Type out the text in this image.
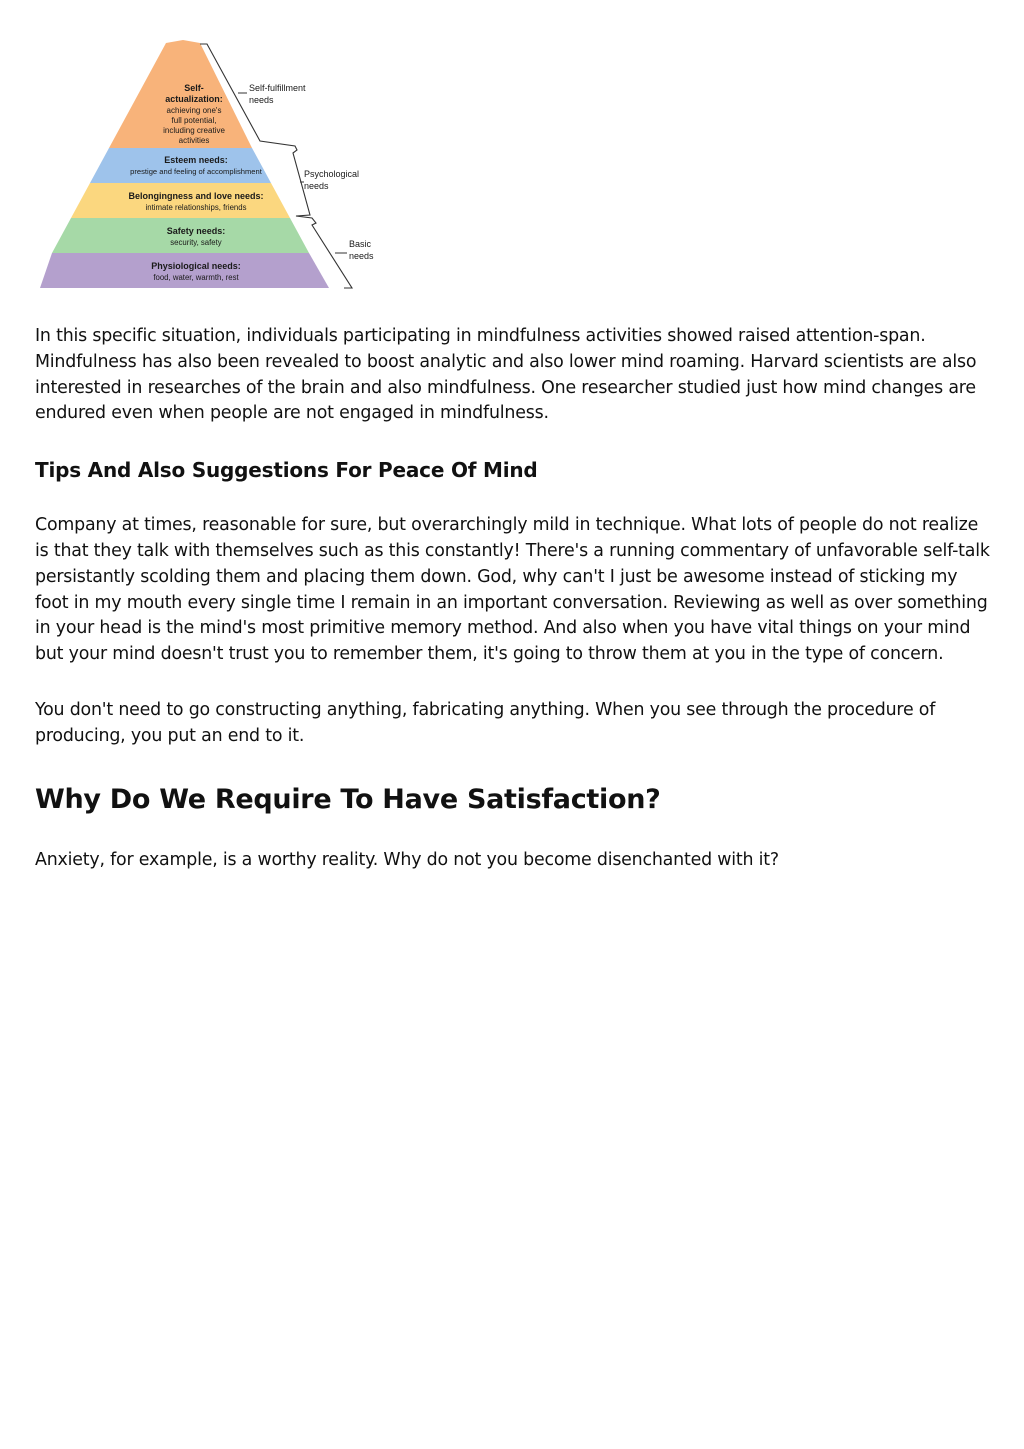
Self-
actualization:
achieving one's
full potential,
including creative
activities
Esteem needs:
prestige and feeling of accomplishment
Belongingness and love needs:
intimate relationships, friends
Safety needs:
security, safety
Physiological needs:
food, water, warmth, rest
Self-fulfillment
needs
Psychological
needs
Basic
needs

In this specific situation, individuals participating in mindfulness activities showed raised attention-span. Mindfulness has also been revealed to boost analytic and also lower mind roaming. Harvard scientists are also interested in researches of the brain and also mindfulness. One researcher studied just how mind changes are endured even when people are not engaged in mindfulness.

Tips And Also Suggestions For Peace Of Mind

Company at times, reasonable for sure, but overarchingly mild in technique. What lots of people do not realize is that they talk with themselves such as this constantly! There's a running commentary of unfavorable self-talk persistantly scolding them and placing them down. God, why can't I just be awesome instead of sticking my foot in my mouth every single time I remain in an important conversation. Reviewing as well as over something in your head is the mind's most primitive memory method. And also when you have vital things on your mind but your mind doesn't trust you to remember them, it's going to throw them at you in the type of concern.

You don't need to go constructing anything, fabricating anything. When you see through the procedure of producing, you put an end to it.

Why Do We Require To Have Satisfaction?

Anxiety, for example, is a worthy reality. Why do not you become disenchanted with it?
